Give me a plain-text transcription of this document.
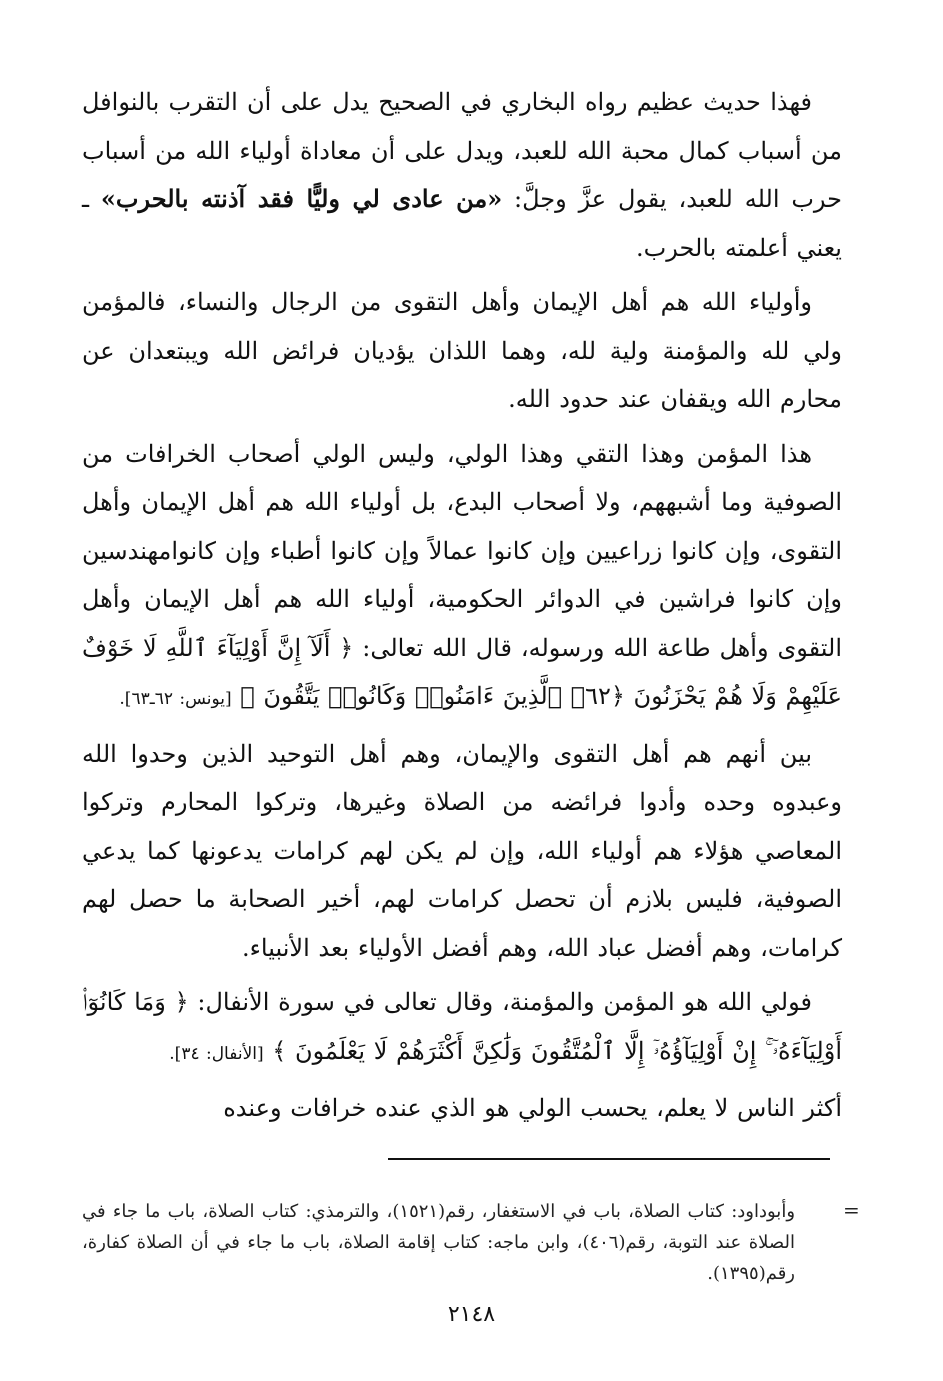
فهذا حديث عظيم رواه البخاري في الصحيح يدل على أن التقرب بالنوافل من أسباب كمال محبة الله للعبد، ويدل على أن معاداة أولياء الله من أسباب حرب الله للعبد، يقول عزَّ وجلَّ: «من عادى لي وليًّا فقد آذنته بالحرب» ـ يعني أعلمته بالحرب.

وأولياء الله هم أهل الإيمان وأهل التقوى من الرجال والنساء، فالمؤمن ولي لله والمؤمنة ولية لله، وهما اللذان يؤديان فرائض الله ويبتعدان عن محارم الله ويقفان عند حدود الله.

هذا المؤمن وهذا التقي وهذا الولي، وليس الولي أصحاب الخرافات من الصوفية وما أشبههم، ولا أصحاب البدع، بل أولياء الله هم أهل الإيمان وأهل التقوى، وإن كانوا زراعيين وإن كانوا عمالاً وإن كانوا أطباء وإن كانوامهندسين وإن كانوا فراشين في الدوائر الحكومية، أولياء الله هم أهل الإيمان وأهل التقوى وأهل طاعة الله ورسوله، قال الله تعالى: ﴿ أَلَآ إِنَّ أَوْلِيَآءَ ٱللَّهِ لَا خَوْفٌ عَلَيْهِمْ وَلَا هُمْ يَحْزَنُونَ ﴿٦٢﴾ ٱلَّذِينَ ءَامَنُوا۟ وَكَانُوا۟ يَتَّقُونَ ﴾ [يونس: ٦٢ـ٦٣].

بين أنهم هم أهل التقوى والإيمان، وهم أهل التوحيد الذين وحدوا الله وعبدوه وحده وأدوا فرائضه من الصلاة وغيرها، وتركوا المحارم وتركوا المعاصي هؤلاء هم أولياء الله، وإن لم يكن لهم كرامات يدعونها كما يدعي الصوفية، فليس بلازم أن تحصل كرامات لهم، أخير الصحابة ما حصل لهم كرامات، وهم أفضل عباد الله، وهم أفضل الأولياء بعد الأنبياء.

فولي الله هو المؤمن والمؤمنة، وقال تعالى في سورة الأنفال: ﴿ وَمَا كَانُوٓا۟ أَوْلِيَآءَهُۥٓ ۚ إِنْ أَوْلِيَآؤُهُۥٓ إِلَّا ٱلْمُتَّقُونَ وَلَٰكِنَّ أَكْثَرَهُمْ لَا يَعْلَمُونَ ﴾ [الأنفال: ٣٤].

أكثر الناس لا يعلم، يحسب الولي هو الذي عنده خرافات وعنده

=
وأبوداود: كتاب الصلاة، باب في الاستغفار، رقم(١٥٢١)، والترمذي: كتاب الصلاة، باب ما جاء في الصلاة عند التوبة، رقم(٤٠٦)، وابن ماجه: كتاب إقامة الصلاة، باب ما جاء في أن الصلاة كفارة، رقم(١٣٩٥).
٢١٤٨
